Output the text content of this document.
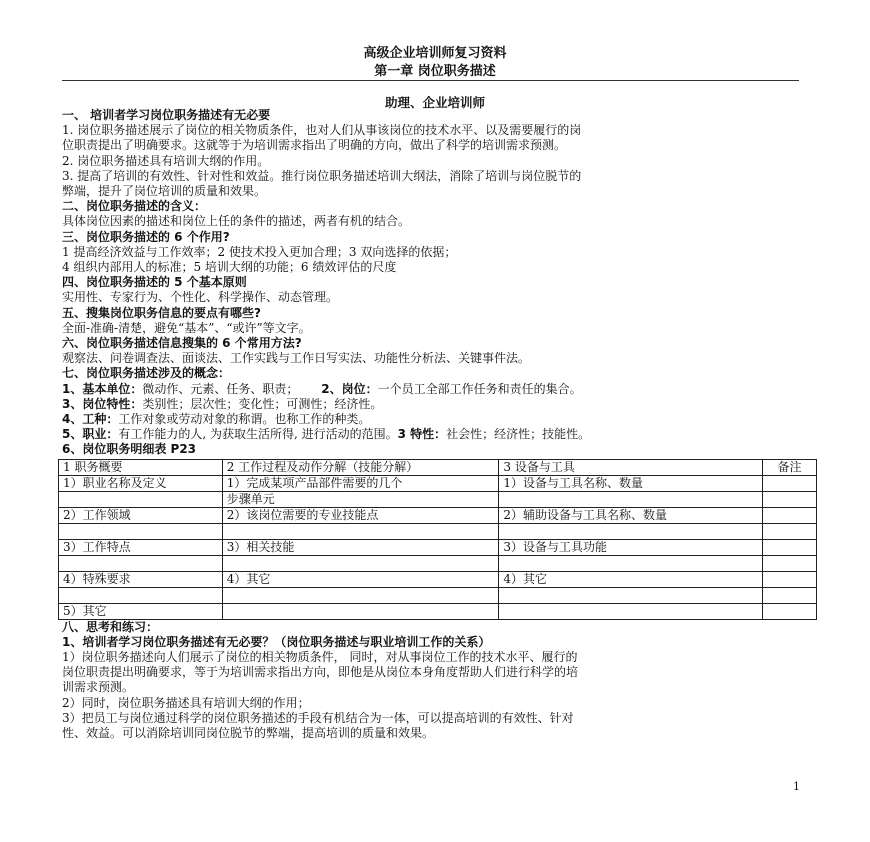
高级企业培训师复习资料
第一章 岗位职务描述
助理、企业培训师

一、 培训者学习岗位职务描述有无必要

1. 岗位职务描述展示了岗位的相关物质条件，也对人们从事该岗位的技术水平、以及需要履行的岗

位职责提出了明确要求。这就等于为培训需求指出了明确的方向，做出了科学的培训需求预测。

2. 岗位职务描述具有培训大纲的作用。

3. 提高了培训的有效性、针对性和效益。推行岗位职务描述培训大纲法，消除了培训与岗位脱节的

弊端，提升了岗位培训的质量和效果。

二、岗位职务描述的含义：

具体岗位因素的描述和岗位上任的条件的描述，两者有机的结合。

三、岗位职务描述的 6 个作用?

1 提高经济效益与工作效率；2 使技术投入更加合理；3 双向选择的依据；

4 组织内部用人的标准；5 培训大纲的功能；6 绩效评估的尺度

四、岗位职务描述的 5 个基本原则

实用性、专家行为、个性化、科学操作、动态管理。

五、搜集岗位职务信息的要点有哪些?

全面-准确-清楚，避免“基本”、“或许”等文字。

六、岗位职务描述信息搜集的 6 个常用方法?

观察法、问卷调查法、面谈法、工作实践与工作日写实法、功能性分析法、关键事件法。

七、岗位职务描述涉及的概念：

1、基本单位：微动作、元素、任务、职责； 2、岗位：一个员工全部工作任务和责任的集合。

3、岗位特性：类别性；层次性；变化性；可测性；经济性。

4、工种：工作对象或劳动对象的称谓。也称工作的种类。

5、职业：有工作能力的人, 为获取生活所得, 进行活动的范围。3 特性：社会性；经济性；技能性。

6、岗位职务明细表 P23

1 职务概要	2 工作过程及动作分解（技能分解）	3 设备与工具	备注
1）职业名称及定义	1）完成某项产品部件需要的几个	1）设备与工具名称、数量	
	步骤单元		
2）工作领域	2）该岗位需要的专业技能点	2）辅助设备与工具名称、数量	

3）工作特点	3）相关技能	3）设备与工具功能	

4）特殊要求	4）其它	4）其它	

5）其它			

八、思考和练习：

1、培训者学习岗位职务描述有无必要？（岗位职务描述与职业培训工作的关系）

1）岗位职务描述向人们展示了岗位的相关物质条件， 同时，对从事岗位工作的技术水平、履行的

岗位职责提出明确要求，等于为培训需求指出方向，即他是从岗位本身角度帮助人们进行科学的培

训需求预测。

2）同时，岗位职务描述具有培训大纲的作用；

3）把员工与岗位通过科学的岗位职务描述的手段有机结合为一体，可以提高培训的有效性、针对

性、效益。可以消除培训同岗位脱节的弊端，提高培训的质量和效果。

1
